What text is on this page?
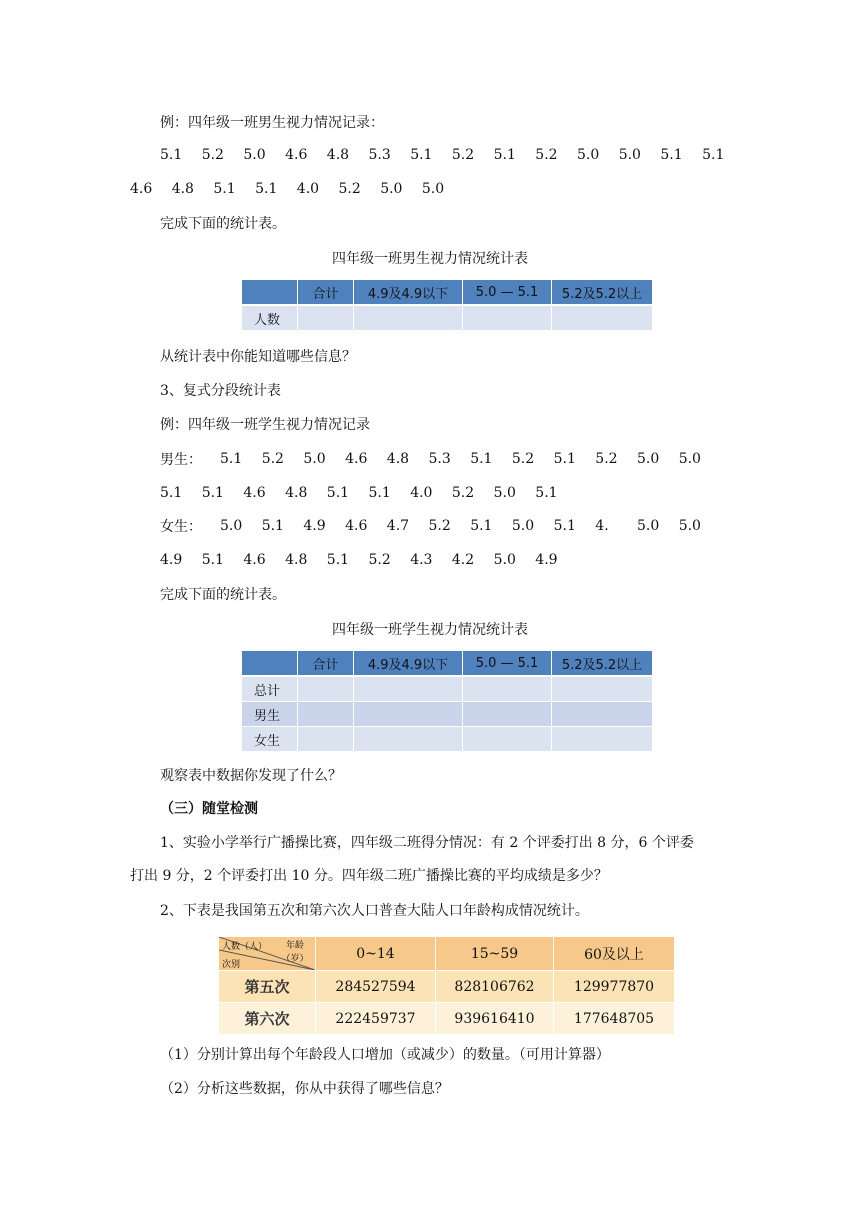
例：四年级一班男生视力情况记录：
5.1 5.2 5.0 4.6 4.8 5.3 5.1 5.2 5.1 5.2 5.0 5.0 5.1 5.1
4.6 4.8 5.1 5.1 4.0 5.2 5.0 5.0
完成下面的统计表。
四年级一班男生视力情况统计表
	合计	4.9及4.9以下	5.0 — 5.1	5.2及5.2以上
人数				
从统计表中你能知道哪些信息？
3、复式分段统计表
例：四年级一班学生视力情况记录
男生： 5.1 5.2 5.0 4.6 4.8 5.3 5.1 5.2 5.1 5.2 5.0 5.0
5.1 5.1 4.6 4.8 5.1 5.1 4.0 5.2 5.0 5.1
女生： 5.0 5.1 4.9 4.6 4.7 5.2 5.1 5.0 5.1 4. 5.0 5.0
4.9 5.1 4.6 4.8 5.1 5.2 4.3 4.2 5.0 4.9
完成下面的统计表。
四年级一班学生视力情况统计表
	合计	4.9及4.9以下	5.0 — 5.1	5.2及5.2以上
总计				
男生				
女生				
观察表中数据你发现了什么？
（三）随堂检测
1、实验小学举行广播操比赛，四年级二班得分情况：有 2 个评委打出 8 分，6 个评委
打出 9 分，2 个评委打出 10 分。四年级二班广播操比赛的平均成绩是多少？
2、下表是我国第五次和第六次人口普查大陆人口年龄构成情况统计。
人数（人） 年龄（岁）
次别	0~14	15~59	60及以上
第五次	284527594	828106762	129977870
第六次	222459737	939616410	177648705
（1）分别计算出每个年龄段人口增加（或减少）的数量。（可用计算器）
（2）分析这些数据，你从中获得了哪些信息？
